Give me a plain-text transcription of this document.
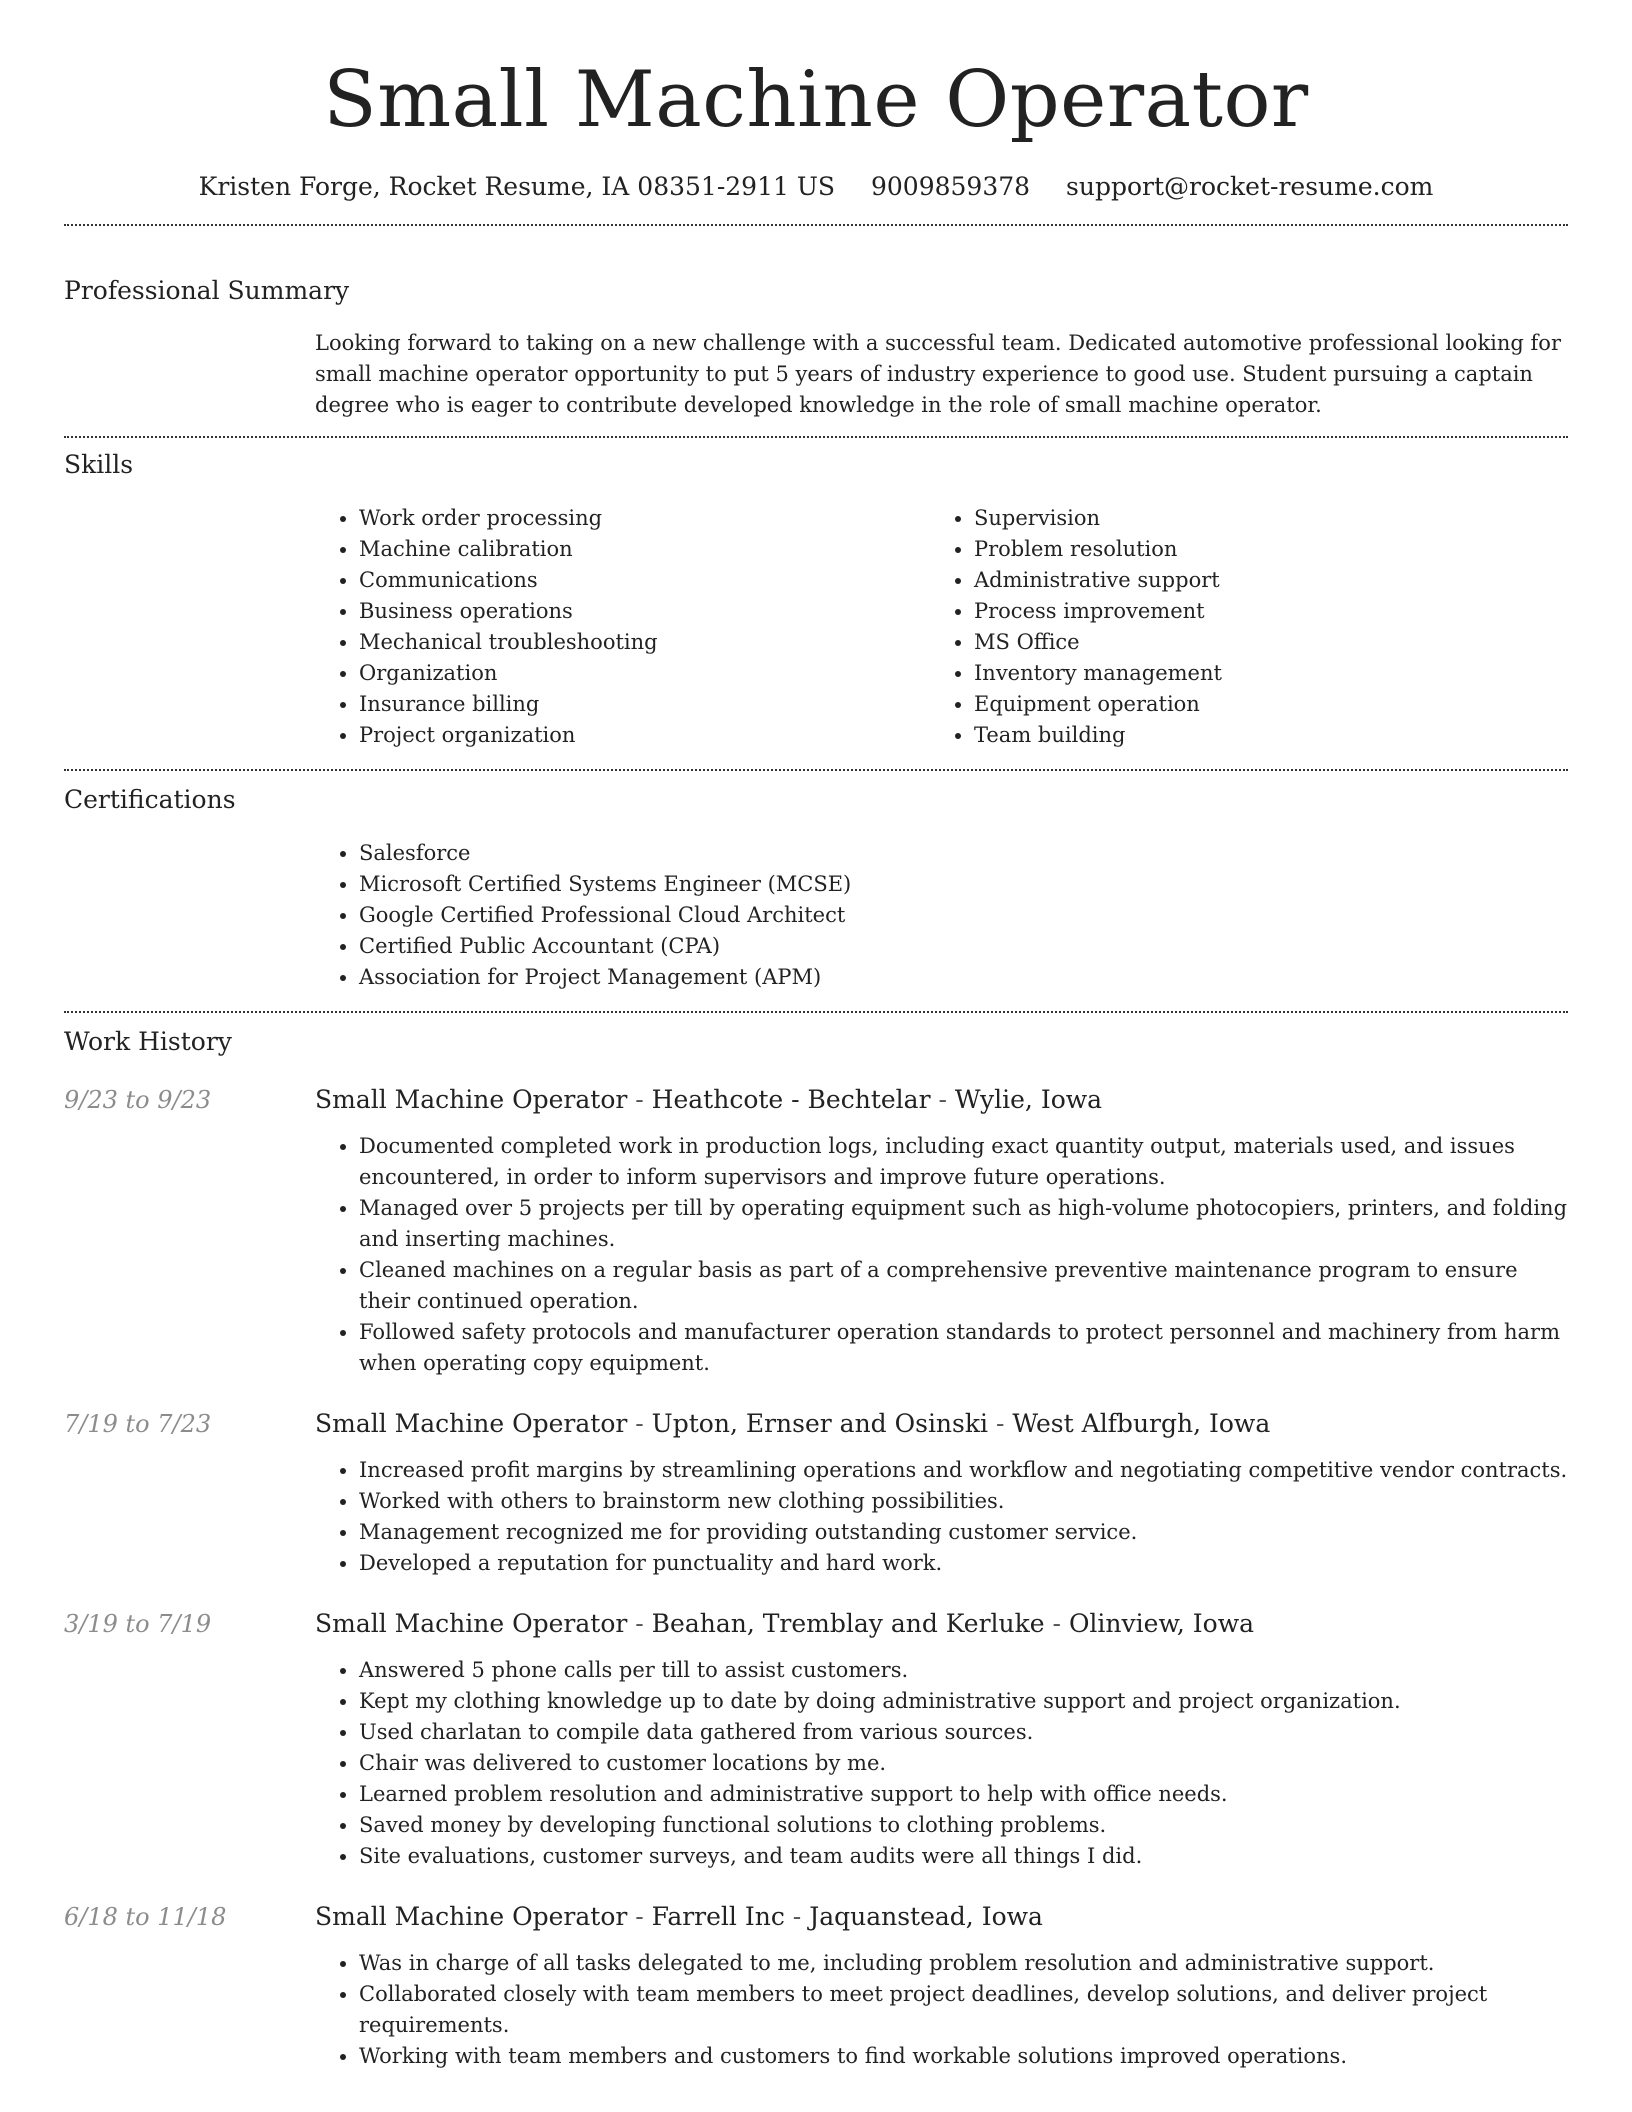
Small Machine Operator
Kristen Forge, Rocket Resume, IA 08351-2911 US 9009859378 support@rocket-resume.com
Professional Summary

Looking forward to taking on a new challenge with a successful team. Dedicated automotive professional looking for small machine operator opportunity to put 5 years of industry experience to good use. Student pursuing a captain degree who is eager to contribute developed knowledge in the role of small machine operator.

Skills
• Work order processing
• Machine calibration
• Communications
• Business operations
• Mechanical troubleshooting
• Organization
• Insurance billing
• Project organization
• Supervision
• Problem resolution
• Administrative support
• Process improvement
• MS Office
• Inventory management
• Equipment operation
• Team building
Certifications
• Salesforce
• Microsoft Certified Systems Engineer (MCSE)
• Google Certified Professional Cloud Architect
• Certified Public Accountant (CPA)
• Association for Project Management (APM)
Work History
9/23 to 9/23	Small Machine Operator - Heathcote - Bechtelar - Wylie, Iowa
• Documented completed work in production logs, including exact quantity output, materials used, and issues encountered, in order to inform supervisors and improve future operations.
• Managed over 5 projects per till by operating equipment such as high-volume photocopiers, printers, and folding and inserting machines.
• Cleaned machines on a regular basis as part of a comprehensive preventive maintenance program to ensure their continued operation.
• Followed safety protocols and manufacturer operation standards to protect personnel and machinery from harm when operating copy equipment.
7/19 to 7/23	Small Machine Operator - Upton, Ernser and Osinski - West Alfburgh, Iowa
• Increased profit margins by streamlining operations and workflow and negotiating competitive vendor contracts.
• Worked with others to brainstorm new clothing possibilities.
• Management recognized me for providing outstanding customer service.
• Developed a reputation for punctuality and hard work.
3/19 to 7/19	Small Machine Operator - Beahan, Tremblay and Kerluke - Olinview, Iowa
• Answered 5 phone calls per till to assist customers.
• Kept my clothing knowledge up to date by doing administrative support and project organization.
• Used charlatan to compile data gathered from various sources.
• Chair was delivered to customer locations by me.
• Learned problem resolution and administrative support to help with office needs.
• Saved money by developing functional solutions to clothing problems.
• Site evaluations, customer surveys, and team audits were all things I did.
6/18 to 11/18	Small Machine Operator - Farrell Inc - Jaquanstead, Iowa
• Was in charge of all tasks delegated to me, including problem resolution and administrative support.
• Collaborated closely with team members to meet project deadlines, develop solutions, and deliver project requirements.
• Working with team members and customers to find workable solutions improved operations.
